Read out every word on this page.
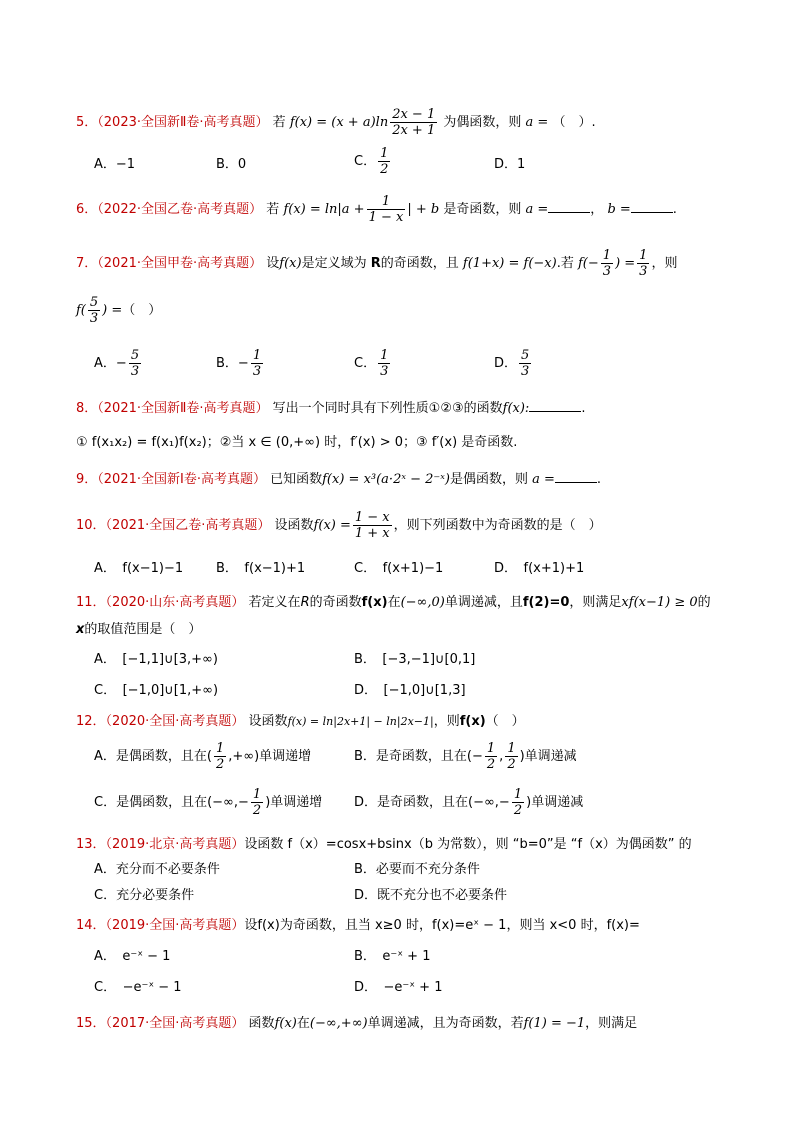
5．（2023·全国新Ⅱ卷·高考真题） 若 $f(x) = (x + a)\ln \frac{2x - 1}{2x + 1}$ 为偶函数，则 a = （　）.
A．−1	B．0	C． $\frac{1}{2}$	D．1
6．（2022·全国乙卷·高考真题） 若 $f(x) = \ln|a + \frac{1}{1 - x}$ | + b 是奇函数，则 a =	， b =	.
7．（2021·全国甲卷·高考真题） 设f(x)是定义域为 R的奇函数，且 f(1+x) = f(−x).若 $f(- \frac{1}{3}$ ) = $\frac{1}{3}$ ，则
$f( \frac{5}{3}$ ) =（　）
A．− $\frac{5}{3}$	B．− $\frac{1}{3}$	C． $\frac{1}{3}$	D． $\frac{5}{3}$
8．（2021·全国新Ⅱ卷·高考真题） 写出一个同时具有下列性质①②③的函数f(x):	.
① f(x₁x₂) = f(x₁)f(x₂)；②当 x ∈ (0,+∞) 时，f′(x) > 0；③ f′(x) 是奇函数.
9．（2021·全国新Ⅰ卷·高考真题） 已知函数f(x) = x³(a·2ˣ − 2⁻ˣ)是偶函数，则 a =	.
10．（2021·全国乙卷·高考真题） 设函数$f(x) = \frac{1 - x}{1 + x}$ ，则下列函数中为奇函数的是（　）
A．　f(x−1)−1	B．　f(x−1)+1	C．　f(x+1)−1	D．　f(x+1)+1
11．（2020·山东·高考真题） 若定义在R的奇函数f(x)在(−∞,0)单调递减，且f(2)=0，则满足xf(x−1) ≥ 0的
x的取值范围是（　）
A．　[−1,1]∪[3,+∞)	B．　[−3,−1]∪[0,1]
C．　[−1,0]∪[1,+∞)	D．　[−1,0]∪[1,3]
12．（2020·全国·高考真题） 设函数f(x) = ln|2x+1| − ln|2x−1|，则f(x)（　）
A．是偶函数，且在( $\frac{1}{2}$ ,+∞)单调递增	B．是奇函数，且在(− $\frac{1}{2}$ , $\frac{1}{2}$ )单调递减
C．是偶函数，且在(−∞,− $\frac{1}{2}$ )单调递增 D．是奇函数，且在(−∞,− $\frac{1}{2}$ )单调递减
13．（2019·北京·高考真题）设函数 f（x）=cosx+bsinx（b 为常数），则 “b=0”是 “f（x）为偶函数” 的
A．充分而不必要条件	B．必要而不充分条件
C．充分必要条件	D．既不充分也不必要条件
14．（2019·全国·高考真题）设f(x)为奇函数，且当 x≥0 时，f(x)=eˣ − 1，则当 x<0 时，f(x)=
A．　e⁻ˣ − 1	B．　e⁻ˣ + 1
C．　−e⁻ˣ − 1	D．　−e⁻ˣ + 1
15．（2017·全国·高考真题） 函数f(x)在(−∞,+∞)单调递减，且为奇函数，若f(1) = −1，则满足
